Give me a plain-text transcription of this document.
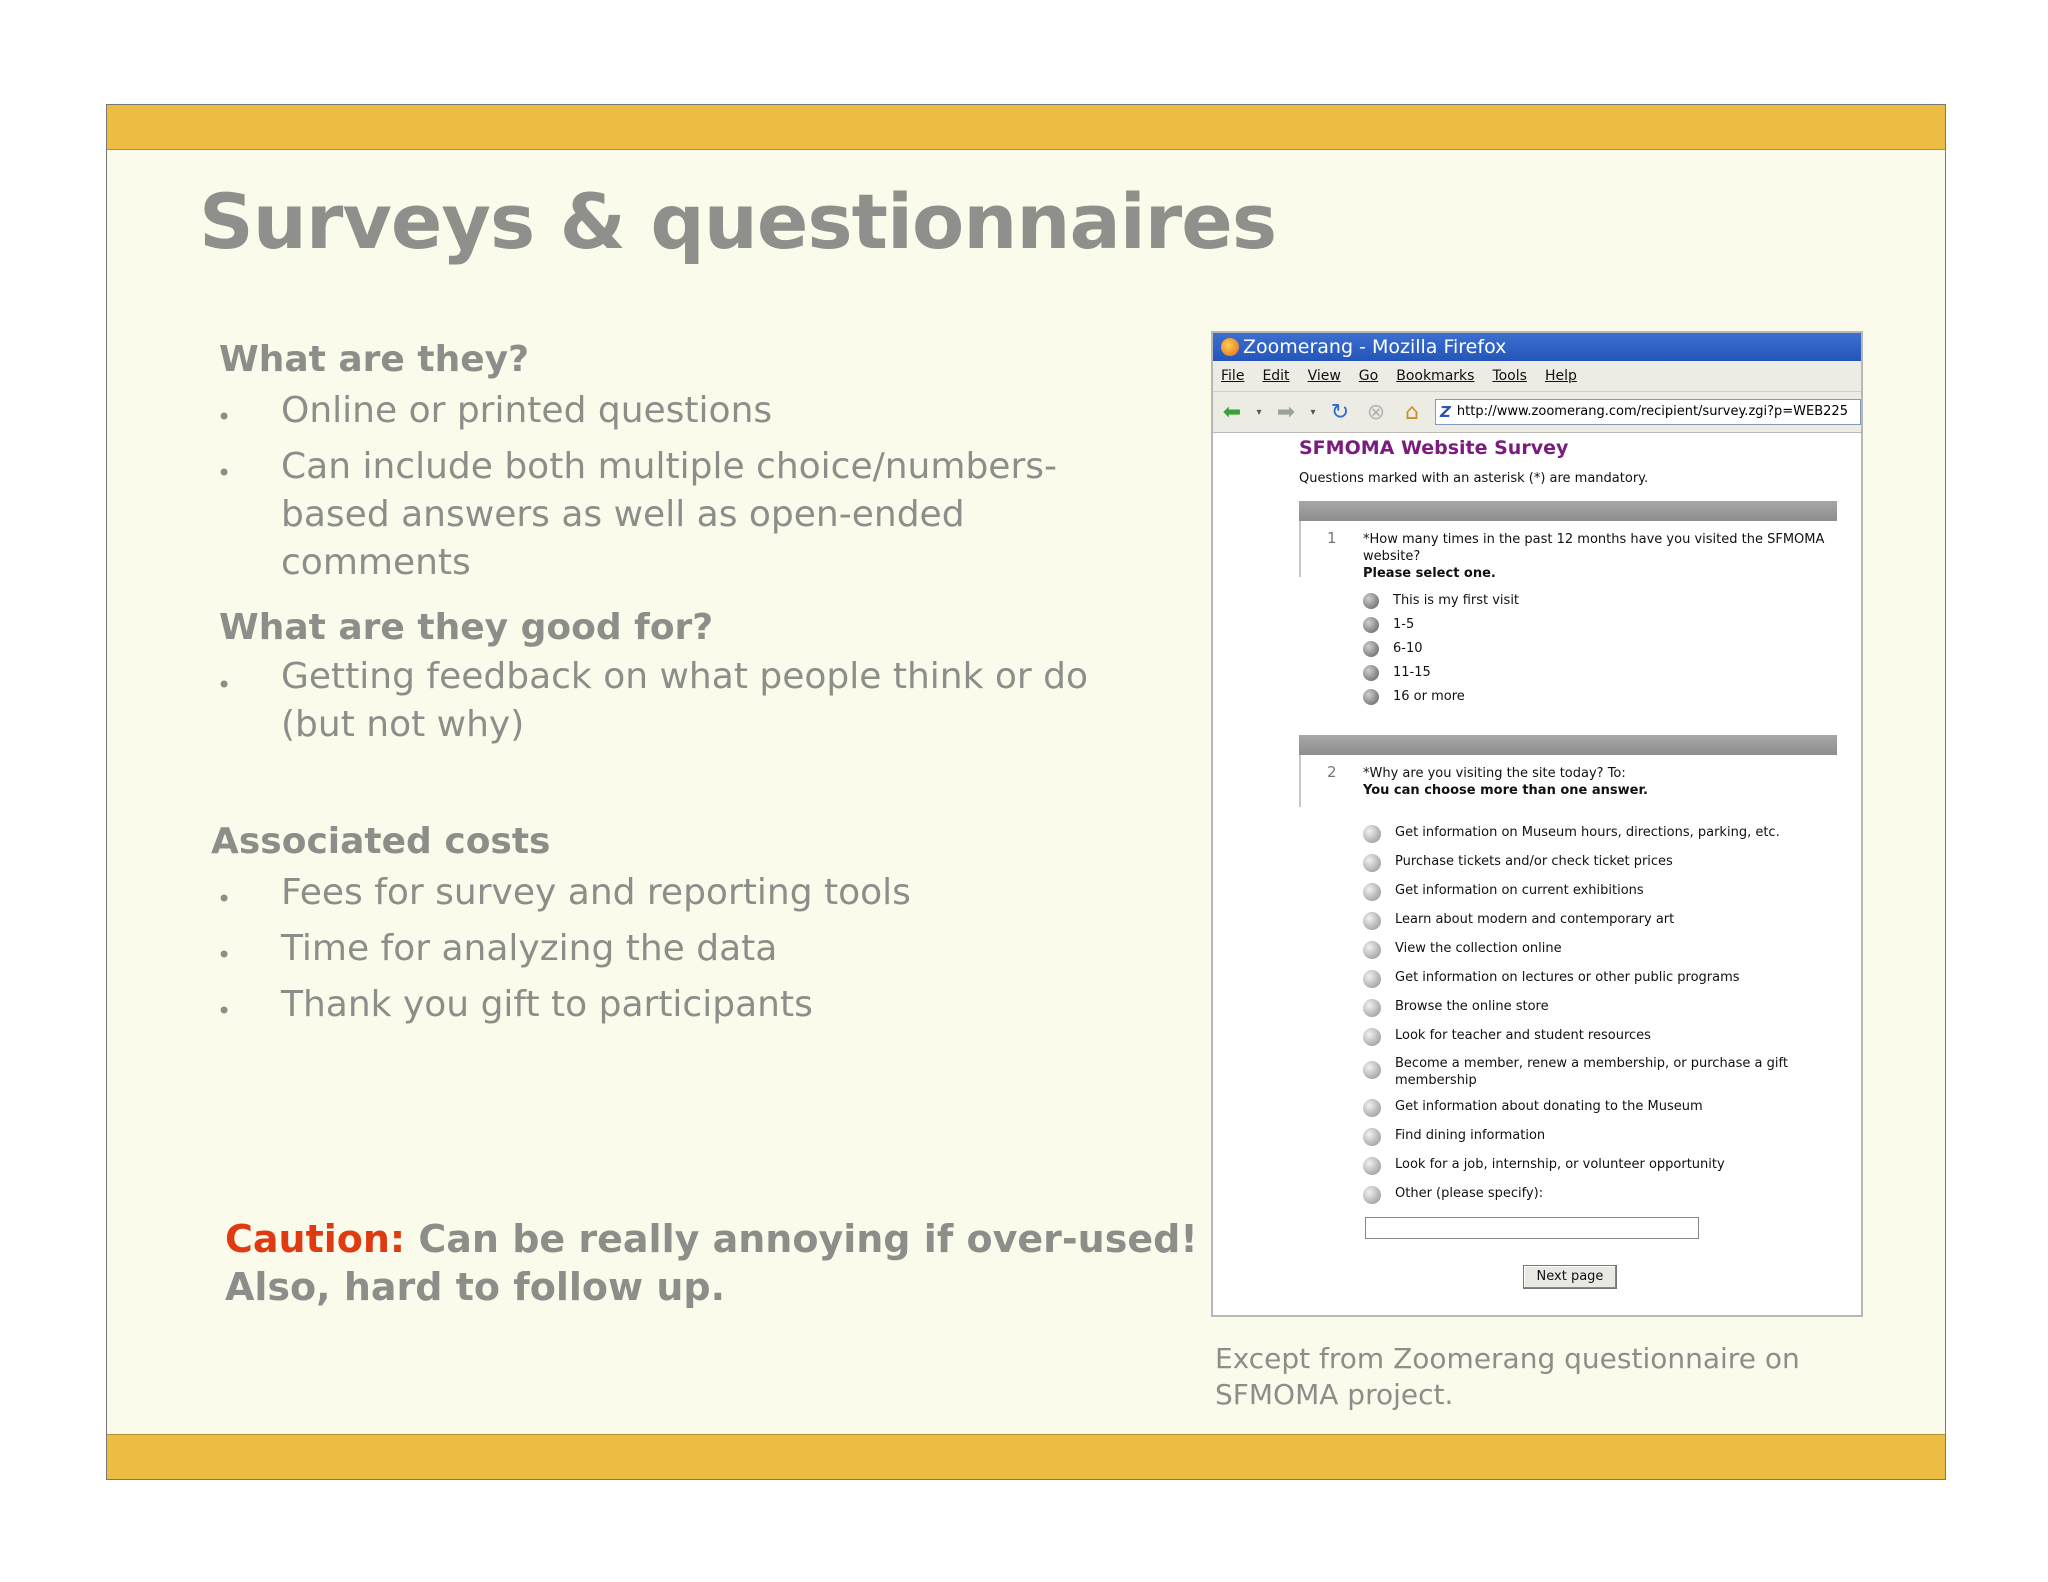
Surveys & questionnaires
What are they?
• Online or printed questions
• Can include both multiple choice/numbers-based answers as well as open-ended comments
What are they good for?
• Getting feedback on what people think or do (but not why)
Associated costs
• Fees for survey and reporting tools
• Time for analyzing the data
• Thank you gift to participants
Caution: Can be really annoying if over-used!
Also, hard to follow up.
Zoomerang - Mozilla Firefox
File Edit View Go Bookmarks Tools Help
⬅	▾ ➡	▾ ↻ ⊗ ⌂	Z http://www.zoomerang.com/recipient/survey.zgi?p=WEB225
SFMOMA Website Survey
Questions marked with an asterisk (*) are mandatory.
1 *How many times in the past 12 months have you visited the SFMOMA website?
Please select one.
This is my first visit
1-5
6-10
11-15
16 or more
2 *Why are you visiting the site today? To:
You can choose more than one answer.
Get information on Museum hours, directions, parking, etc.
Purchase tickets and/or check ticket prices
Get information on current exhibitions
Learn about modern and contemporary art
View the collection online
Get information on lectures or other public programs
Browse the online store
Look for teacher and student resources
Become a member, renew a membership, or purchase a gift membership
Get information about donating to the Museum
Find dining information
Look for a job, internship, or volunteer opportunity
Other (please specify):
Next page
Except from Zoomerang questionnaire on SFMOMA project.
